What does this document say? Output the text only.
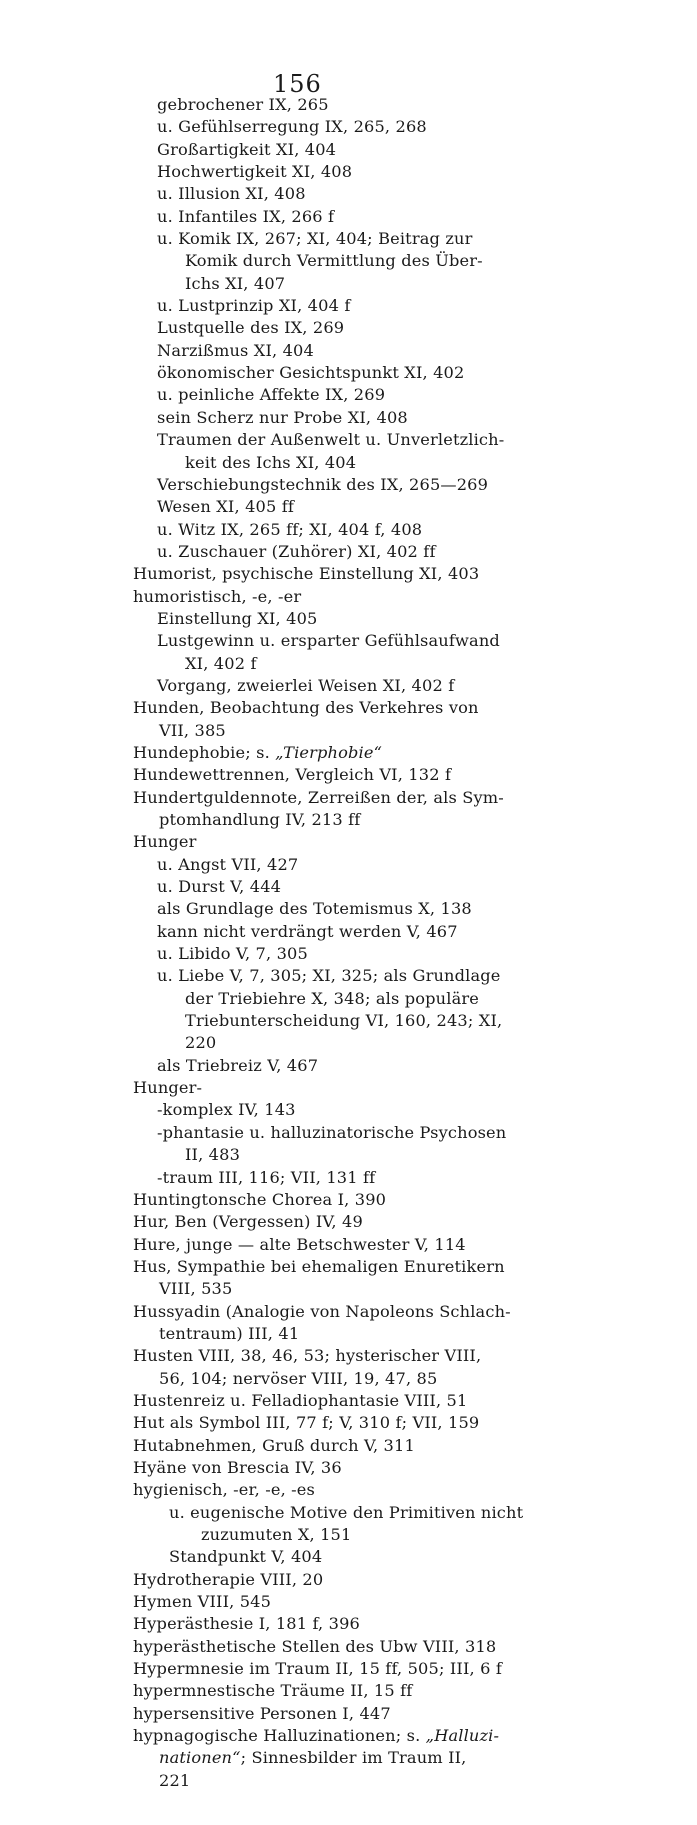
156
gebrochener IX, 265
u. Gefühlserregung IX, 265, 268
Großartigkeit XI, 404
Hochwertigkeit XI, 408
u. Illusion XI, 408
u. Infantiles IX, 266 f
u. Komik IX, 267; XI, 404; Beitrag zur
Komik durch Vermittlung des Über-
Ichs XI, 407
u. Lustprinzip XI, 404 f
Lustquelle des IX, 269
Narzißmus XI, 404
ökonomischer Gesichtspunkt XI, 402
u. peinliche Affekte IX, 269
sein Scherz nur Probe XI, 408
Traumen der Außenwelt u. Unverletzlich-
keit des Ichs XI, 404
Verschiebungstechnik des IX, 265—269
Wesen XI, 405 ff
u. Witz IX, 265 ff; XI, 404 f, 408
u. Zuschauer (Zuhörer) XI, 402 ff
Humorist, psychische Einstellung XI, 403
humoristisch, -e, -er
Einstellung XI, 405
Lustgewinn u. ersparter Gefühlsaufwand
XI, 402 f
Vorgang, zweierlei Weisen XI, 402 f
Hunden, Beobachtung des Verkehres von
VII, 385
Hundephobie; s. „Tierphobie“
Hundewettrennen, Vergleich VI, 132 f
Hundertguldennote, Zerreißen der, als Sym-
ptomhandlung IV, 213 ff
Hunger
u. Angst VII, 427
u. Durst V, 444
als Grundlage des Totemismus X, 138
kann nicht verdrängt werden V, 467
u. Libido V, 7, 305
u. Liebe V, 7, 305; XI, 325; als Grundlage
der Triebiehre X, 348; als populäre
Triebunterscheidung VI, 160, 243; XI,
220
als Triebreiz V, 467
Hunger-
-komplex IV, 143
-phantasie u. halluzinatorische Psychosen
II, 483
-traum III, 116; VII, 131 ff
Huntingtonsche Chorea I, 390
Hur, Ben (Vergessen) IV, 49
Hure, junge — alte Betschwester V, 114
Hus, Sympathie bei ehemaligen Enuretikern
VIII, 535
Hussyadin (Analogie von Napoleons Schlach-
tentraum) III, 41
Husten VIII, 38, 46, 53; hysterischer VIII,
56, 104; nervöser VIII, 19, 47, 85
Hustenreiz u. Felladiophantasie VIII, 51
Hut als Symbol III, 77 f; V, 310 f; VII, 159
Hutabnehmen, Gruß durch V, 311
Hyäne von Brescia IV, 36
hygienisch, -er, -e, -es
u. eugenische Motive den Primitiven nicht
zuzumuten X, 151
Standpunkt V, 404
Hydrotherapie VIII, 20
Hymen VIII, 545
Hyperästhesie I, 181 f, 396
hyperästhetische Stellen des Ubw VIII, 318
Hypermnesie im Traum II, 15 ff, 505; III, 6 f
hypermnestische Träume II, 15 ff
hypersensitive Personen I, 447
hypnagogische Halluzinationen; s. „Halluzi-
nationen“; Sinnesbilder im Traum II,
221
